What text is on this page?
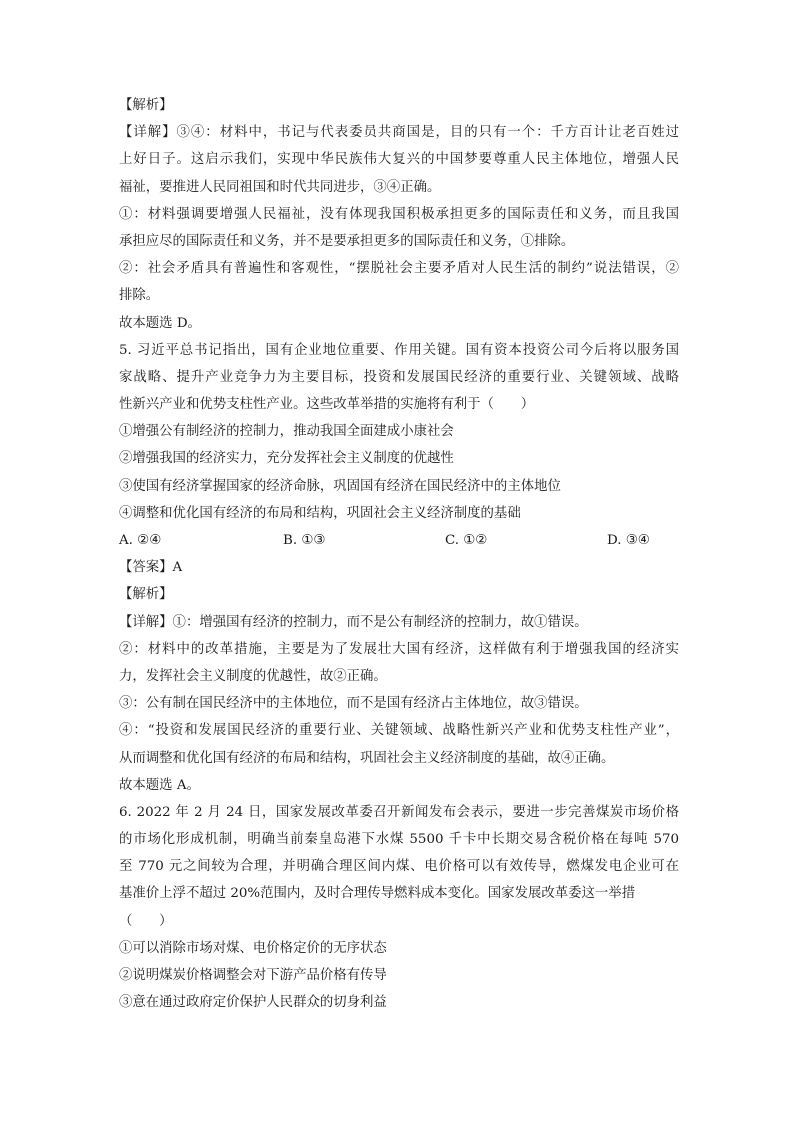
【解析】
【详解】③④：材料中，书记与代表委员共商国是，目的只有一个：千方百计让老百姓过
上好日子。这启示我们，实现中华民族伟大复兴的中国梦要尊重人民主体地位，增强人民
福祉，要推进人民同祖国和时代共同进步，③④正确。
①：材料强调要增强人民福祉，没有体现我国积极承担更多的国际责任和义务，而且我国
承担应尽的国际责任和义务，并不是要承担更多的国际责任和义务，①排除。
②：社会矛盾具有普遍性和客观性，“摆脱社会主要矛盾对人民生活的制约”说法错误，②
排除。
故本题选 D。
5. 习近平总书记指出，国有企业地位重要、作用关键。国有资本投资公司今后将以服务国
家战略、提升产业竞争力为主要目标，投资和发展国民经济的重要行业、关键领域、战略
性新兴产业和优势支柱性产业。这些改革举措的实施将有利于（　　）
①增强公有制经济的控制力，推动我国全面建成小康社会
②增强我国的经济实力，充分发挥社会主义制度的优越性
③使国有经济掌握国家的经济命脉，巩固国有经济在国民经济中的主体地位
④调整和优化国有经济的布局和结构，巩固社会主义经济制度的基础
A. ②④	B. ①③	C. ①②	D. ③④
【答案】A
【解析】
【详解】①：增强国有经济的控制力，而不是公有制经济的控制力，故①错误。
②：材料中的改革措施，主要是为了发展壮大国有经济，这样做有利于增强我国的经济实
力，发挥社会主义制度的优越性，故②正确。
③：公有制在国民经济中的主体地位，而不是国有经济占主体地位，故③错误。
④：“投资和发展国民经济的重要行业、关键领域、战略性新兴产业和优势支柱性产业”，
从而调整和优化国有经济的布局和结构，巩固社会主义经济制度的基础，故④正确。
故本题选 A。
6. 2022 年 2 月 24 日，国家发展改革委召开新闻发布会表示，要进一步完善煤炭市场价格
的市场化形成机制，明确当前秦皇岛港下水煤 5500 千卡中长期交易含税价格在每吨 570
至 770 元之间较为合理，并明确合理区间内煤、电价格可以有效传导，燃煤发电企业可在
基准价上浮不超过 20%范围内，及时合理传导燃料成本变化。国家发展改革委这一举措
（　　）
①可以消除市场对煤、电价格定价的无序状态
②说明煤炭价格调整会对下游产品价格有传导
③意在通过政府定价保护人民群众的切身利益
